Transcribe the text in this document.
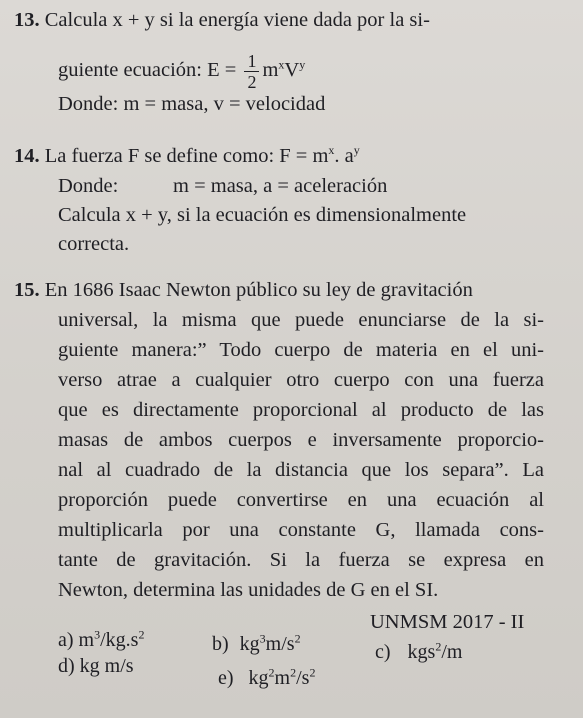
13. Calcula x + y si la energía viene dada por la si-
guiente ecuación: $E = \frac{1}{2} m^xV^y$
Donde: m = masa, v = velocidad
14. La fuerza F se define como: $F = m^x$. $a^y$
Donde:	m = masa, a = aceleración
Calcula x + y, si la ecuación es dimensionalmente
correcta.
15. En 1686 Isaac Newton público su ley de gravitación
universal, la misma que puede enunciarse de la si-
guiente manera:” Todo cuerpo de materia en el uni-
verso atrae a cualquier otro cuerpo con una fuerza
que es directamente proporcional al producto de las
masas de ambos cuerpos e inversamente proporcio-
nal al cuadrado de la distancia que los separa”. La
proporción puede convertirse en una ecuación al
multiplicarla por una constante G, llamada cons-
tante de gravitación. Si la fuerza se expresa en
Newton, determina las unidades de G en el SI.
UNMSM 2017 - II
a) $m^3/kg.s^2$	b) $kg^3m/s^2$
c) kgs$^2$/m
d) kg m/s
e) $kg^2m^2/s^2$
